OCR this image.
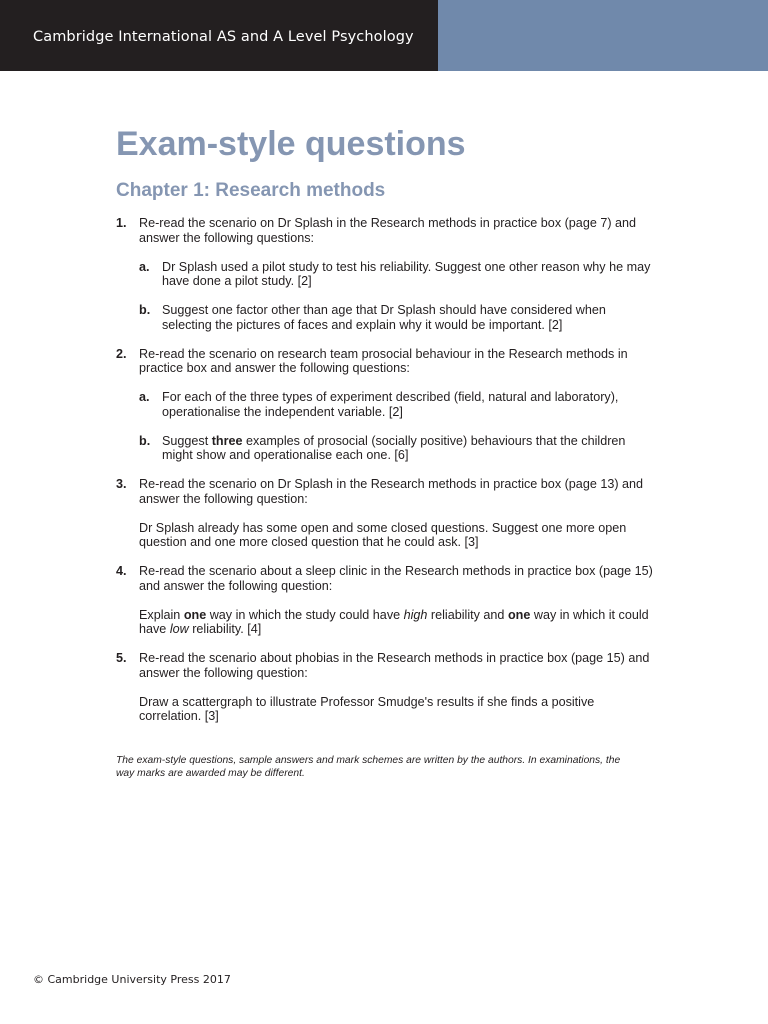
Cambridge International AS and A Level Psychology
Exam-style questions
Chapter 1: Research methods
1. Re-read the scenario on Dr Splash in the Research methods in practice box (page 7) and answer the following questions:
a. Dr Splash used a pilot study to test his reliability. Suggest one other reason why he may have done a pilot study. [2]
b. Suggest one factor other than age that Dr Splash should have considered when selecting the pictures of faces and explain why it would be important. [2]
2. Re-read the scenario on research team prosocial behaviour in the Research methods in practice box and answer the following questions:
a. For each of the three types of experiment described (field, natural and laboratory), operationalise the independent variable. [2]
b. Suggest three examples of prosocial (socially positive) behaviours that the children might show and operationalise each one. [6]
3. Re-read the scenario on Dr Splash in the Research methods in practice box (page 13) and answer the following question:
Dr Splash already has some open and some closed questions. Suggest one more open question and one more closed question that he could ask. [3]
4. Re-read the scenario about a sleep clinic in the Research methods in practice box (page 15) and answer the following question:
Explain one way in which the study could have high reliability and one way in which it could have low reliability. [4]
5. Re-read the scenario about phobias in the Research methods in practice box (page 15) and answer the following question:
Draw a scattergraph to illustrate Professor Smudge's results if she finds a positive correlation. [3]
The exam-style questions, sample answers and mark schemes are written by the authors. In examinations, the way marks are awarded may be different.
© Cambridge University Press 2017
